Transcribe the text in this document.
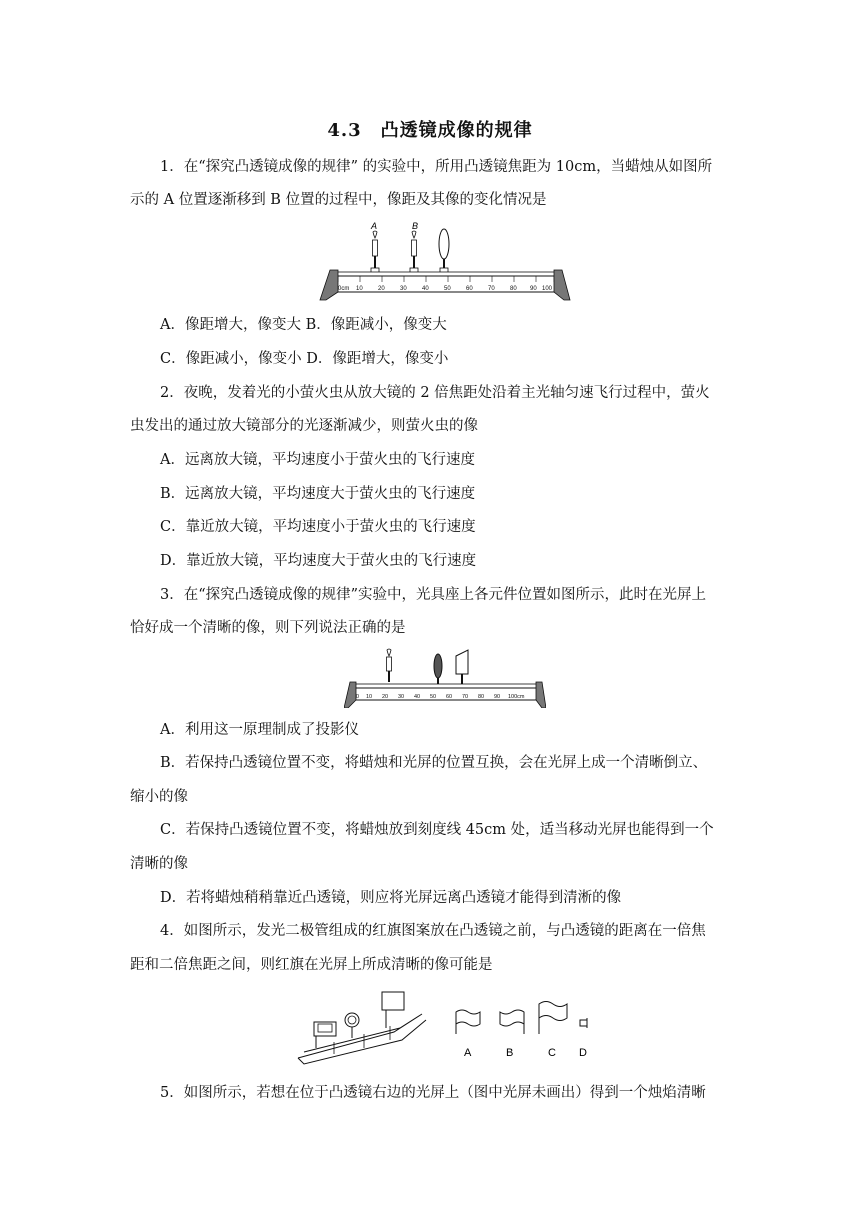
4.3　凸透镜成像的规律
1．在“探究凸透镜成像的规律” 的实验中，所用凸透镜焦距为 10cm，当蜡烛从如图所
示的 A 位置逐渐移到 B 位置的过程中，像距及其像的变化情况是
A	B
0cm 10	20	30	40	50	60	70	80 90 100
A．像距增大，像变大 B．像距减小，像变大
C．像距减小，像变小 D．像距增大，像变小
2．夜晚，发着光的小萤火虫从放大镜的 2 倍焦距处沿着主光轴匀速飞行过程中，萤火
虫发出的通过放大镜部分的光逐渐减少，则萤火虫的像
A．远离放大镜，平均速度小于萤火虫的飞行速度
B．远离放大镜，平均速度大于萤火虫的飞行速度
C．靠近放大镜，平均速度小于萤火虫的飞行速度
D．靠近放大镜，平均速度大于萤火虫的飞行速度
3．在“探究凸透镜成像的规律”实验中，光具座上各元件位置如图所示，此时在光屏上
恰好成一个清晰的像，则下列说法正确的是
0 10 20 30 40 50 60 70 80 90 100cm
A．利用这一原理制成了投影仪
B．若保持凸透镜位置不变，将蜡烛和光屏的位置互换，会在光屏上成一个清晰倒立、
缩小的像
C．若保持凸透镜位置不变，将蜡烛放到刻度线 45cm 处，适当移动光屏也能得到一个
清晰的像
D．若将蜡烛稍稍靠近凸透镜，则应将光屏远离凸透镜才能得到清淅的像
4．如图所示，发光二极管组成的红旗图案放在凸透镜之前，与凸透镜的距离在一倍焦
距和二倍焦距之间，则红旗在光屏上所成清晰的像可能是
A	B	C D
5．如图所示，若想在位于凸透镜右边的光屏上（图中光屏未画出）得到一个烛焰清晰
